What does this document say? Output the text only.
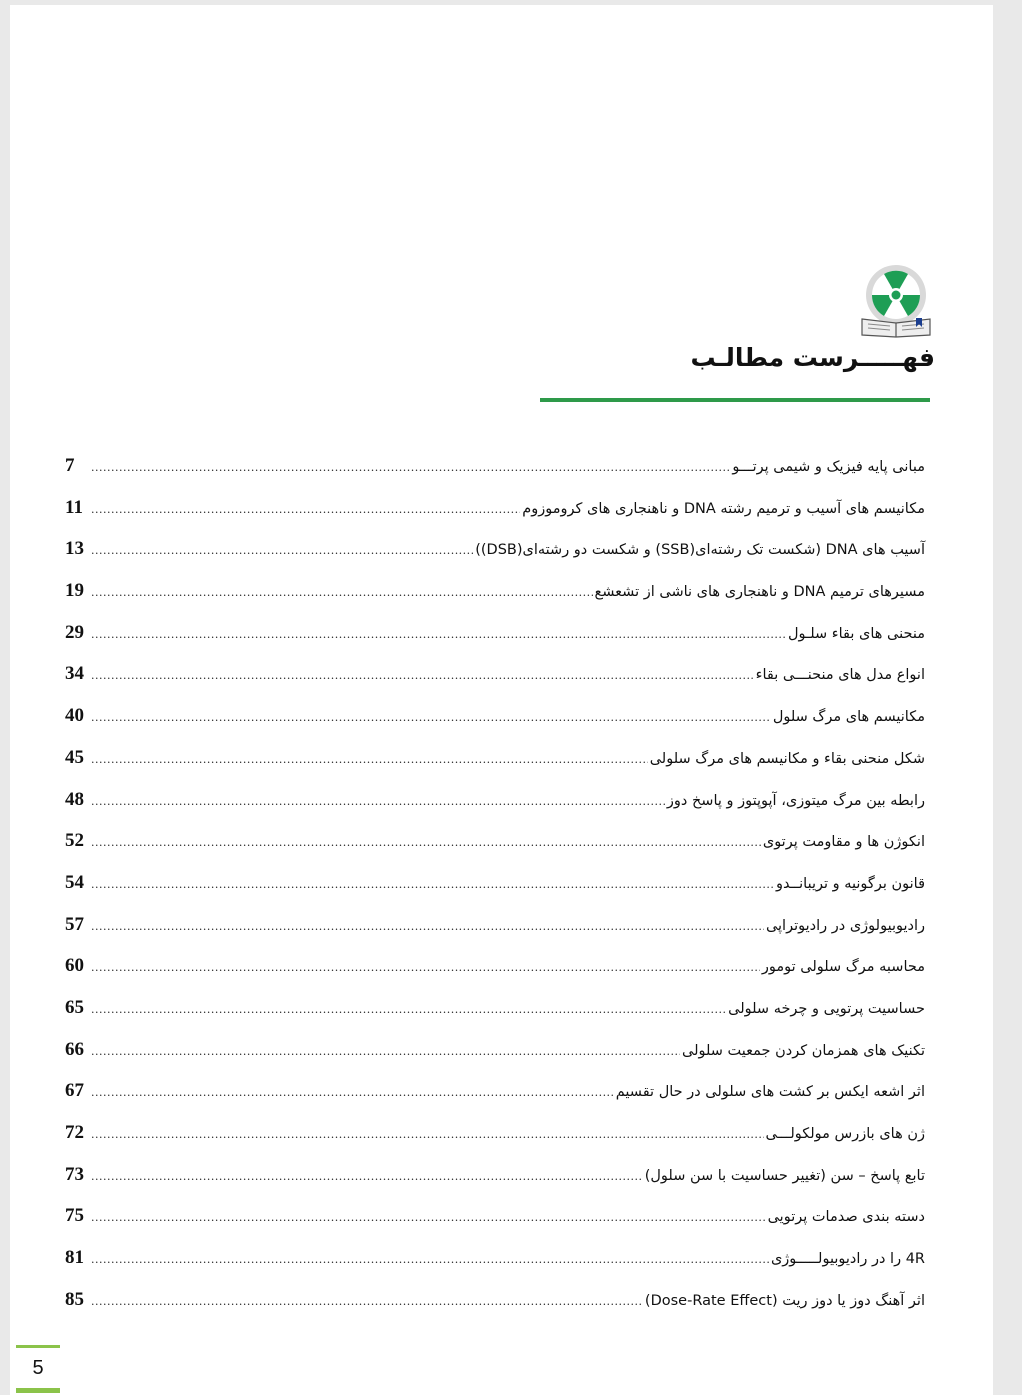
فهـــــرست مطالـب
مبانی پایه فیزیک و شیمی پرتـــو
.....
7
مکانیسم های آسیب و ترمیم رشته DNA و ناهنجاری های کروموزوم
.....
11
آسیب های DNA (شکست تک رشته‌ای(SSB) و شکست دو رشته‌ای(DSB))
.....
13
مسیرهای ترمیم DNA و ناهنجاری های ناشی از تشعشع
.....
19
منحنی های بقاء سلـول
.....
29
انواع مدل های منحنـــی بقاء
.....
34
مکانیسم های مرگ سلول
.....
40
شکل منحنی بقاء و مکانیسم های مرگ سلولی
.....
45
رابطه بین مرگ میتوزی، آپوپتوز و پاسخ دوز
.....
48
انکوژن ها و مقاومت پرتوی
.....
52
قانون برگونیه و تریبانــدو
.....
54
رادیوبیولوژی در رادیوتراپی
.....
57
محاسبه مرگ سلولی تومور
.....
60
حساسیت پرتویی و چرخه سلولی
.....
65
تکنیک های همزمان کردن جمعیت سلولی
.....
66
اثر اشعه ایکس بر کشت های سلولی در حال تقسیم
.....
67
ژن های بازرس مولکولـــی
.....
72
تابع پاسخ – سن (تغییر حساسیت با سن سلول)
.....
73
دسته بندی صدمات پرتویی
.....
75
4R را در رادیوبیولـــــوژی
.....
81
اثر آهنگ دوز یا دوز ریت (Dose-Rate Effect)
.....
85
5
